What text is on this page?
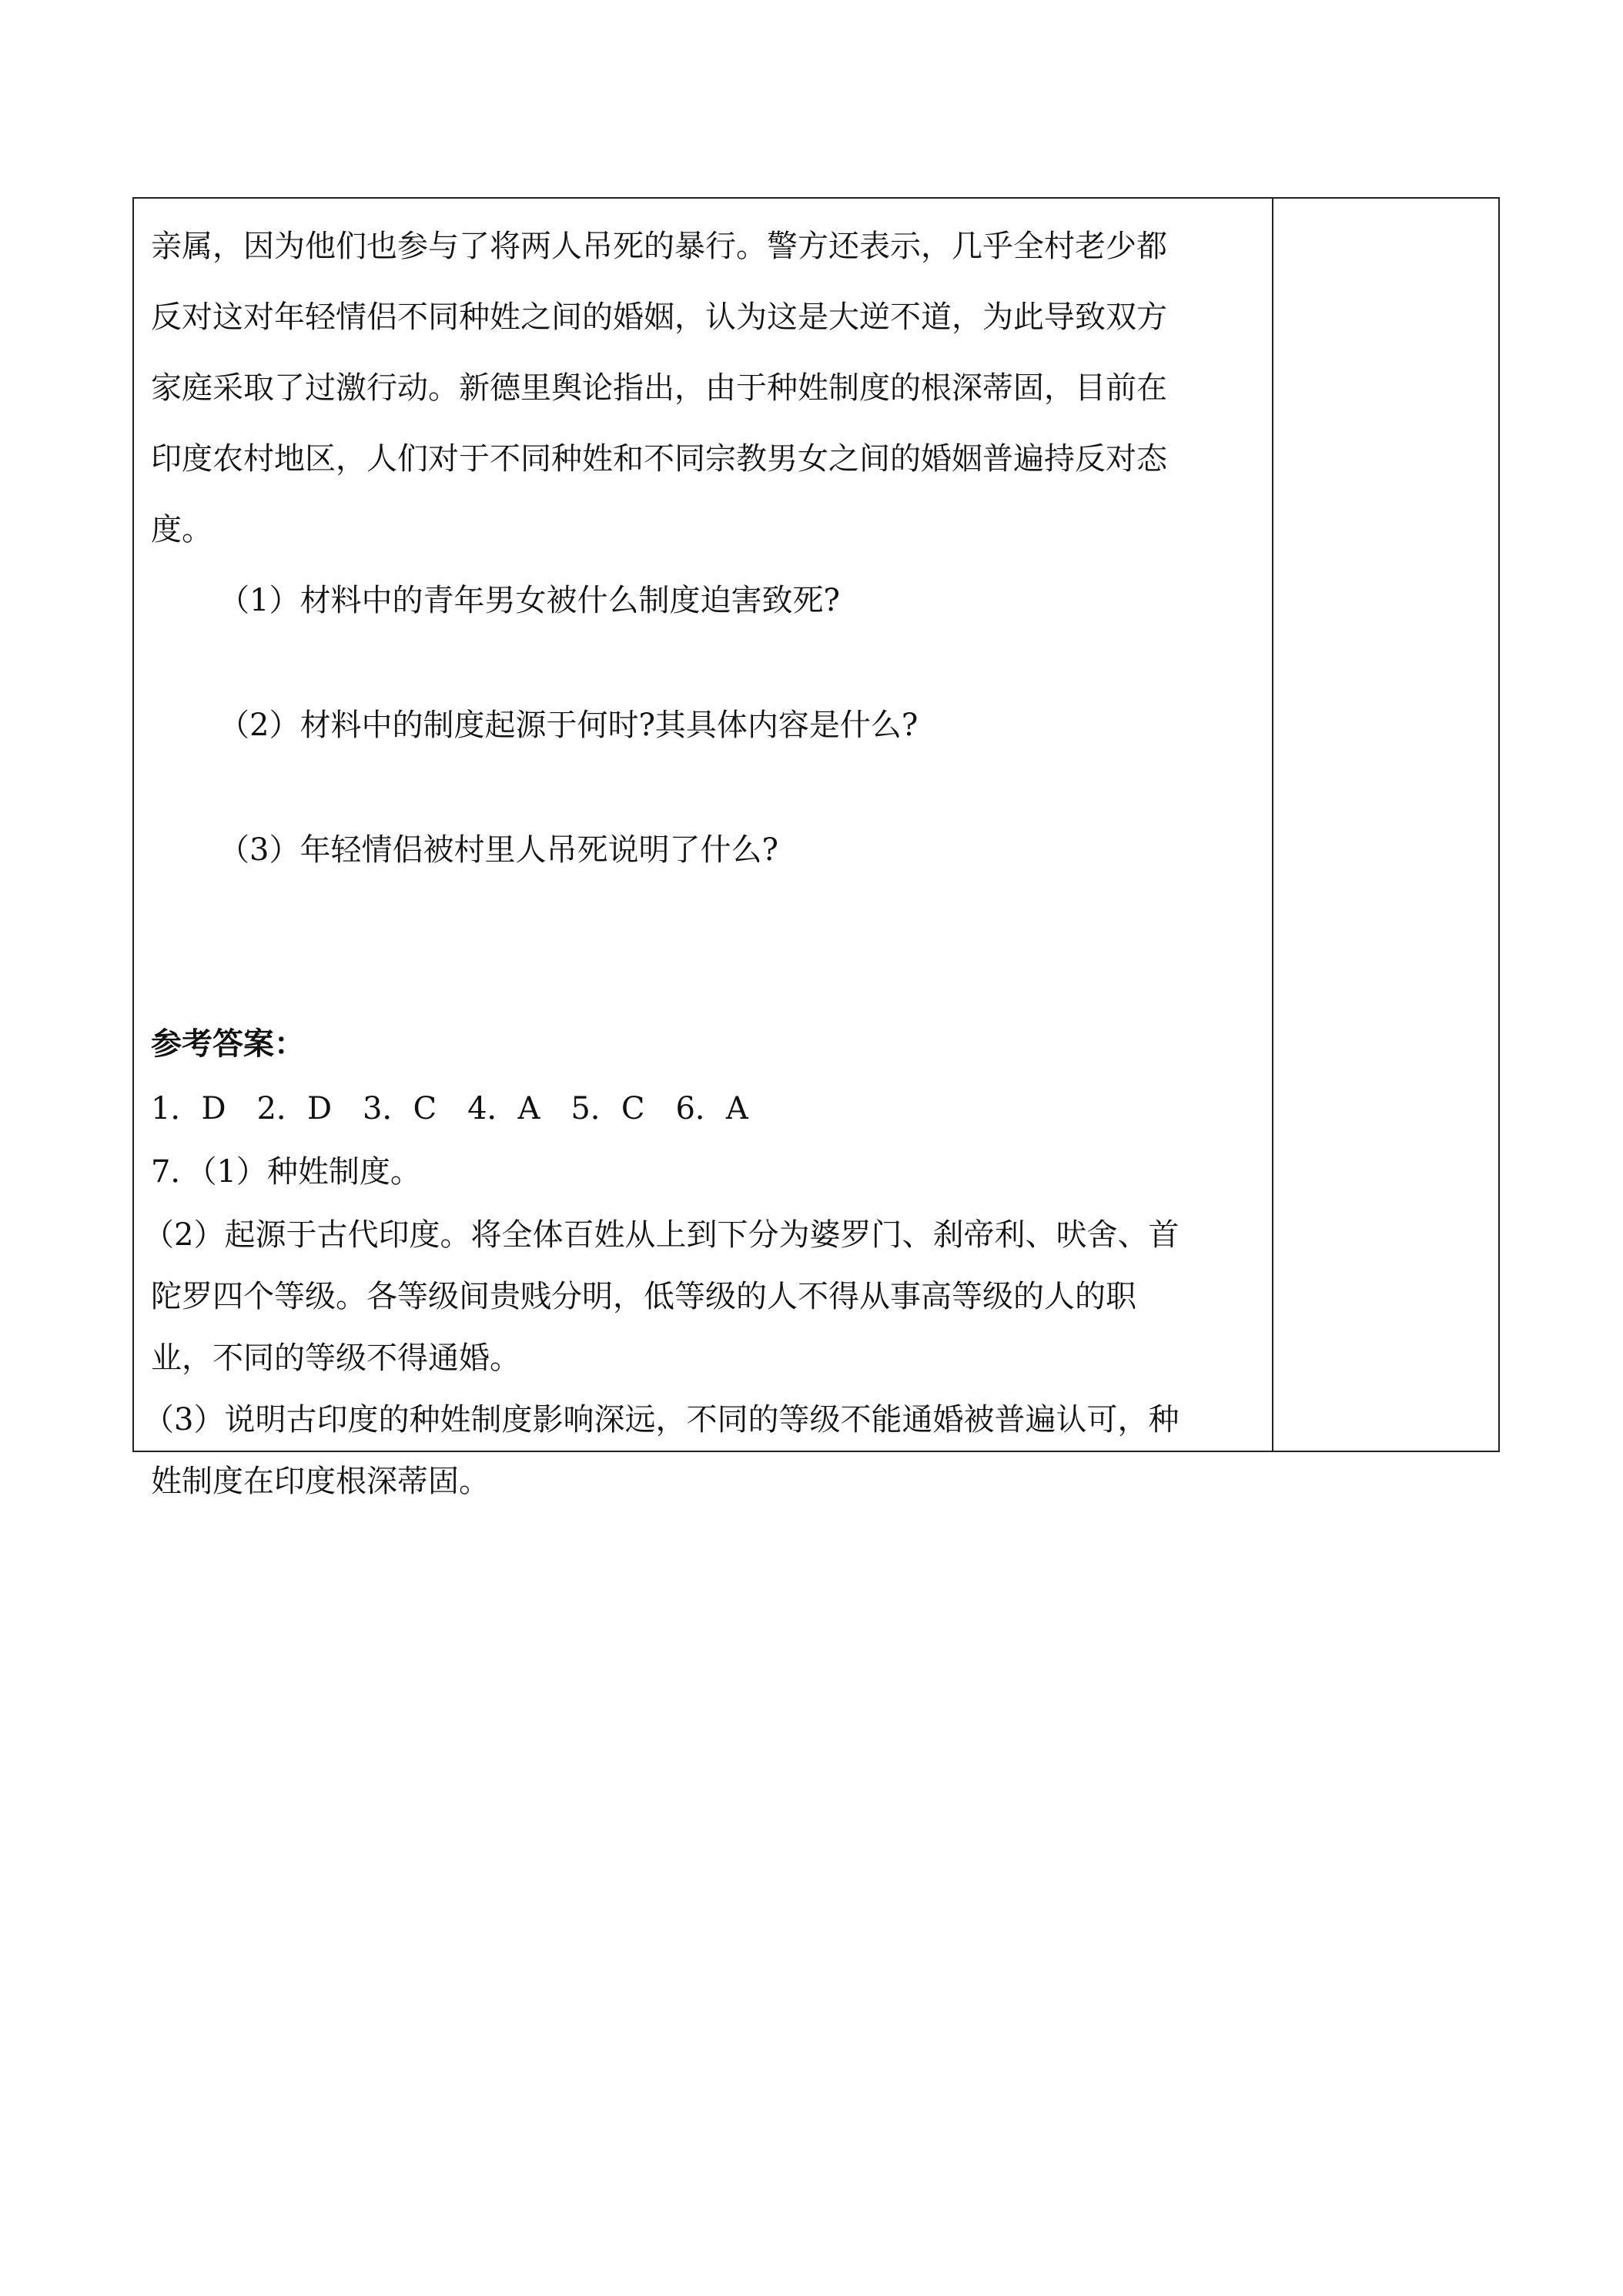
亲属，因为他们也参与了将两人吊死的暴行。警方还表示，几乎全村老少都
反对这对年轻情侣不同种姓之间的婚姻，认为这是大逆不道，为此导致双方
家庭采取了过激行动。新德里舆论指出，由于种姓制度的根深蒂固，目前在
印度农村地区，人们对于不同种姓和不同宗教男女之间的婚姻普遍持反对态
度。
（1）材料中的青年男女被什么制度迫害致死?
（2）材料中的制度起源于何时?其具体内容是什么?
（3）年轻情侣被村里人吊死说明了什么?
参考答案：
1．D　2．D　3．C　4．A　5．C　6．A
7．（1）种姓制度。
（2）起源于古代印度。将全体百姓从上到下分为婆罗门、刹帝利、吠舍、首
陀罗四个等级。各等级间贵贱分明，低等级的人不得从事高等级的人的职
业，不同的等级不得通婚。
（3）说明古印度的种姓制度影响深远，不同的等级不能通婚被普遍认可，种
姓制度在印度根深蒂固。
